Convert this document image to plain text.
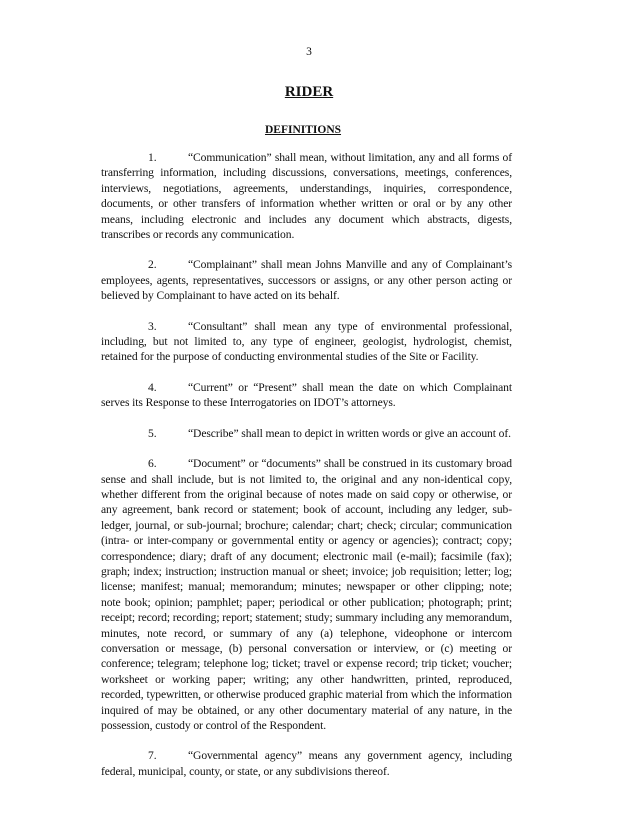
3
RIDER
DEFINITIONS

1.	“Communication” shall mean, without limitation, any and all forms of transferring information, including discussions, conversations, meetings, conferences, interviews, negotiations, agreements, understandings, inquiries, correspondence, documents, or other transfers of information whether written or oral or by any other means, including electronic and includes any document which abstracts, digests, transcribes or records any communication.

2.	“Complainant” shall mean Johns Manville and any of Complainant’s employees, agents, representatives, successors or assigns, or any other person acting or believed by Complainant to have acted on its behalf.

3.	“Consultant” shall mean any type of environmental professional, including, but not limited to, any type of engineer, geologist, hydrologist, chemist, retained for the purpose of conducting environmental studies of the Site or Facility.

4.	“Current” or “Present” shall mean the date on which Complainant serves its Response to these Interrogatories on IDOT’s attorneys.

5.	“Describe” shall mean to depict in written words or give an account of.

6.	“Document” or “documents” shall be construed in its customary broad sense and shall include, but is not limited to, the original and any non-identical copy, whether different from the original because of notes made on said copy or otherwise, or any agreement, bank record or statement; book of account, including any ledger, sub-ledger, journal, or sub-journal; brochure; calendar; chart; check; circular; communication (intra- or inter-company or governmental entity or agency or agencies); contract; copy; correspondence; diary; draft of any document; electronic mail (e-mail); facsimile (fax); graph; index; instruction; instruction manual or sheet; invoice; job requisition; letter; log; license; manifest; manual; memorandum; minutes; newspaper or other clipping; note; note book; opinion; pamphlet; paper; periodical or other publication; photograph; print; receipt; record; recording; report; statement; study; summary including any memorandum, minutes, note record, or summary of any (a) telephone, videophone or intercom conversation or message, (b) personal conversation or interview, or (c) meeting or conference; telegram; telephone log; ticket; travel or expense record; trip ticket; voucher; worksheet or working paper; writing; any other handwritten, printed, reproduced, recorded, typewritten, or otherwise produced graphic material from which the information inquired of may be obtained, or any other documentary material of any nature, in the possession, custody or control of the Respondent.

7.	“Governmental agency” means any government agency, including federal, municipal, county, or state, or any subdivisions thereof.
